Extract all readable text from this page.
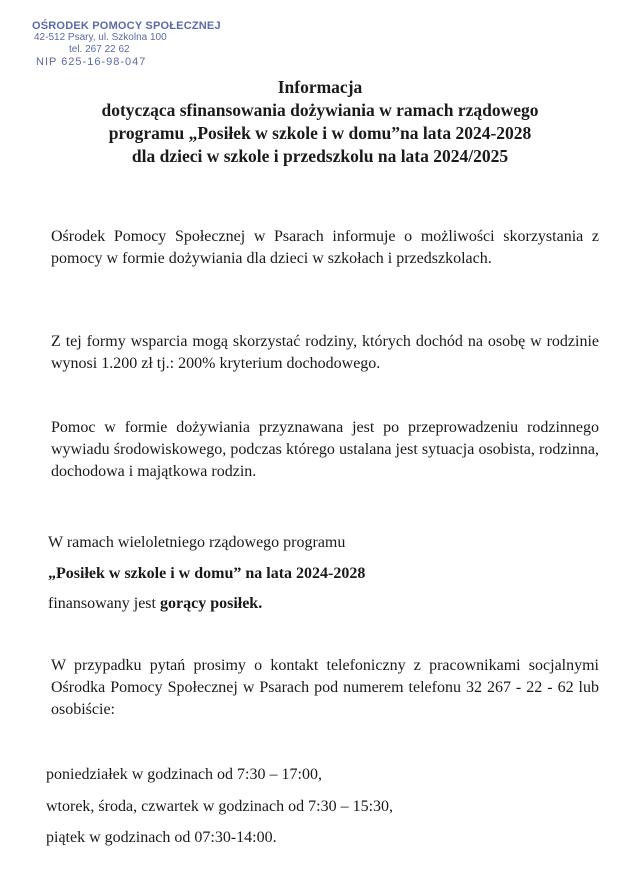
OŚRODEK POMOCY SPOŁECZNEJ
42-512 Psary, ul. Szkolna 100
tel. 267 22 62
NIP 625-16-98-047
Informacja
dotycząca sfinansowania dożywiania w ramach rządowego
programu „Posiłek w szkole i w domu”na lata 2024-2028
dla dzieci w szkole i przedszkolu na lata 2024/2025
Ośrodek Pomocy Społecznej w Psarach informuje o możliwości skorzystania z pomocy w formie dożywiania dla dzieci w szkołach i przedszkolach.
Z tej formy wsparcia mogą skorzystać rodziny, których dochód na osobę w rodzinie wynosi 1.200 zł tj.: 200% kryterium dochodowego.
Pomoc w formie dożywiania przyznawana jest po przeprowadzeniu rodzinnego wywiadu środowiskowego, podczas którego ustalana jest sytuacja osobista, rodzinna, dochodowa i majątkowa rodzin.
W ramach wieloletniego rządowego programu
„Posiłek w szkole i w domu” na lata 2024-2028
finansowany jest gorący posiłek.
W przypadku pytań prosimy o kontakt telefoniczny z pracownikami socjalnymi Ośrodka Pomocy Społecznej w Psarach pod numerem telefonu 32 267 - 22 - 62 lub osobiście:
poniedziałek w godzinach od 7:30 – 17:00,
wtorek, środa, czwartek w godzinach od 7:30 – 15:30,
piątek w godzinach od 07:30-14:00.
